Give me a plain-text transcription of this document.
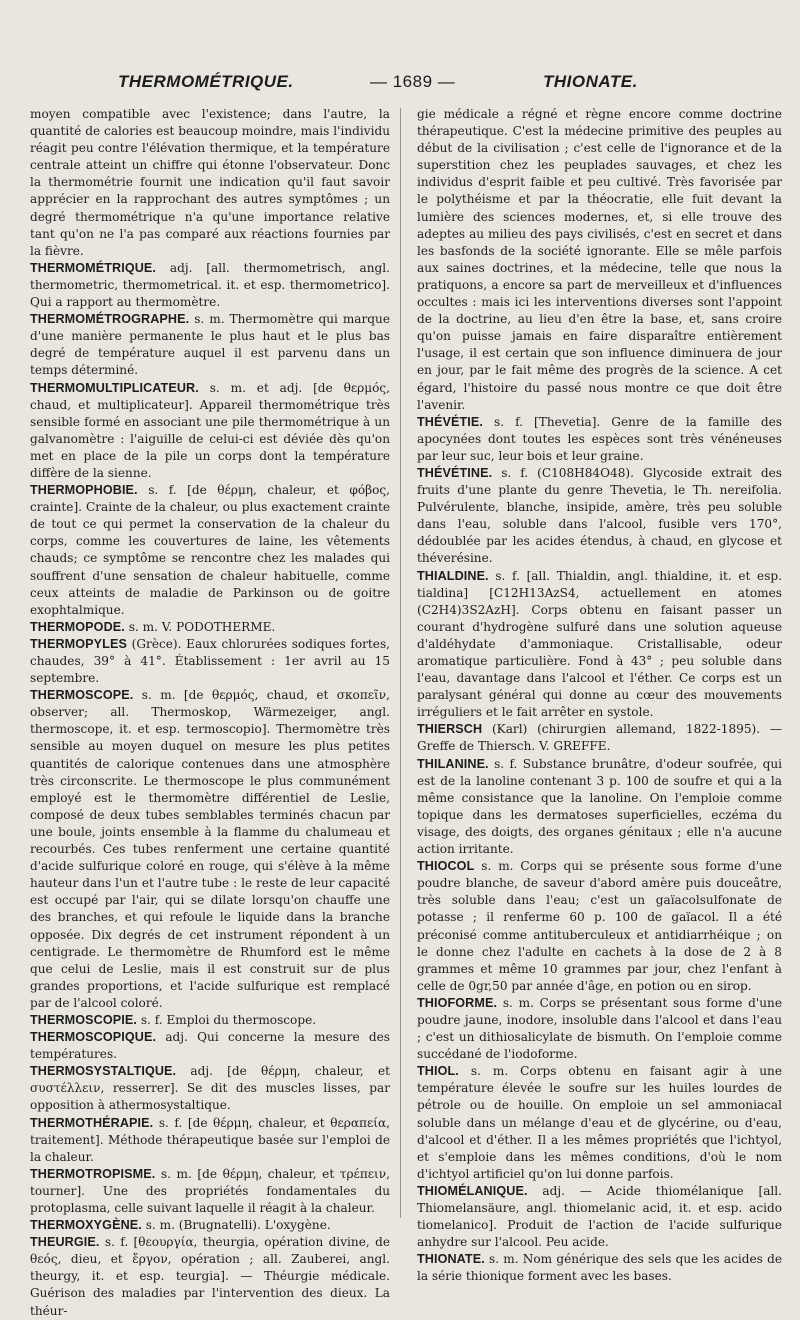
THERMOMÉTRIQUE.	— 1689 —	THIONATE.

moyen compatible avec l'existence; dans l'autre, la quantité de calories est beaucoup moindre, mais l'individu réagit peu contre l'élévation thermique, et la température centrale atteint un chiffre qui étonne l'observateur. Donc la thermométrie fournit une indication qu'il faut savoir apprécier en la rapprochant des autres symptômes ; un degré thermométrique n'a qu'une importance relative tant qu'on ne l'a pas comparé aux réactions fournies par la fièvre.

THERMOMÉTRIQUE. adj. [all. thermometrisch, angl. thermometric, thermometrical. it. et esp. thermometrico]. Qui a rapport au thermomètre.

THERMOMÉTROGRAPHE. s. m. Thermomètre qui marque d'une manière permanente le plus haut et le plus bas degré de température auquel il est parvenu dans un temps déterminé.

THERMOMULTIPLICATEUR. s. m. et adj. [de θερμός, chaud, et multiplicateur]. Appareil thermométrique très sensible formé en associant une pile thermométrique à un galvanomètre : l'aiguille de celui-ci est déviée dès qu'on met en place de la pile un corps dont la température diffère de la sienne.

THERMOPHOBIE. s. f. [de θέρμη, chaleur, et φόβος, crainte]. Crainte de la chaleur, ou plus exactement crainte de tout ce qui permet la conservation de la chaleur du corps, comme les couvertures de laine, les vêtements chauds; ce symptôme se rencontre chez les malades qui souffrent d'une sensation de chaleur habituelle, comme ceux atteints de maladie de Parkinson ou de goitre exophtalmique.

THERMOPODE. s. m. V. PODOTHERME.

THERMOPYLES (Grèce). Eaux chlorurées sodiques fortes, chaudes, 39° à 41°. Établissement : 1er avril au 15 septembre.

THERMOSCOPE. s. m. [de θερμός, chaud, et σκοπεῖν, observer; all. Thermoskop, Wärmezeiger, angl. thermoscope, it. et esp. termoscopio]. Thermomètre très sensible au moyen duquel on mesure les plus petites quantités de calorique contenues dans une atmosphère très circonscrite. Le thermoscope le plus communément employé est le thermomètre différentiel de Leslie, composé de deux tubes semblables terminés chacun par une boule, joints ensemble à la flamme du chalumeau et recourbés. Ces tubes renferment une certaine quantité d'acide sulfurique coloré en rouge, qui s'élève à la même hauteur dans l'un et l'autre tube : le reste de leur capacité est occupé par l'air, qui se dilate lorsqu'on chauffe une des branches, et qui refoule le liquide dans la branche opposée. Dix degrés de cet instrument répondent à un centigrade. Le thermomètre de Rhumford est le même que celui de Leslie, mais il est construit sur de plus grandes proportions, et l'acide sulfurique est remplacé par de l'alcool coloré.

THERMOSCOPIE. s. f. Emploi du thermoscope.

THERMOSCOPIQUE. adj. Qui concerne la mesure des températures.

THERMOSYSTALTIQUE. adj. [de θέρμη, chaleur, et συστέλλειν, resserrer]. Se dit des muscles lisses, par opposition à athermosystaltique.

THERMOTHÉRAPIE. s. f. [de θέρμη, chaleur, et θεραπεία, traitement]. Méthode thérapeutique basée sur l'emploi de la chaleur.

THERMOTROPISME. s. m. [de θέρμη, chaleur, et τρέπειν, tourner]. Une des propriétés fondamentales du protoplasma, celle suivant laquelle il réagit à la chaleur.

THERMOXYGÈNE. s. m. (Brugnatelli). L'oxygène.

THEURGIE. s. f. [θεουργία, theurgia, opération divine, de θεός, dieu, et ἔργον, opération ; all. Zauberei, angl. theurgy, it. et esp. teurgia]. — Théurgie médicale. Guérison des maladies par l'intervention des dieux. La théur-

gie médicale a régné et règne encore comme doctrine thérapeutique. C'est la médecine primitive des peuples au début de la civilisation ; c'est celle de l'ignorance et de la superstition chez les peuplades sauvages, et chez les individus d'esprit faible et peu cultivé. Très favorisée par le polythéisme et par la théocratie, elle fuit devant la lumière des sciences modernes, et, si elle trouve des adeptes au milieu des pays civilisés, c'est en secret et dans les basfonds de la société ignorante. Elle se mêle parfois aux saines doctrines, et la médecine, telle que nous la pratiquons, a encore sa part de merveilleux et d'influences occultes : mais ici les interventions diverses sont l'appoint de la doctrine, au lieu d'en être la base, et, sans croire qu'on puisse jamais en faire disparaître entièrement l'usage, il est certain que son influence diminuera de jour en jour, par le fait même des progrès de la science. A cet égard, l'histoire du passé nous montre ce que doit être l'avenir.

THÉVÉTIE. s. f. [Thevetia]. Genre de la famille des apocynées dont toutes les espèces sont très vénéneuses par leur suc, leur bois et leur graine.

THÉVÉTINE. s. f. (C108H84O48). Glycoside extrait des fruits d'une plante du genre Thevetia, le Th. nereifolia. Pulvérulente, blanche, insipide, amère, très peu soluble dans l'eau, soluble dans l'alcool, fusible vers 170°, dédoublée par les acides étendus, à chaud, en glycose et théverésine.

THIALDINE. s. f. [all. Thialdin, angl. thialdine, it. et esp. tialdina] [C12H13AzS4, actuellement en atomes (C2H4)3S2AzH]. Corps obtenu en faisant passer un courant d'hydrogène sulfuré dans une solution aqueuse d'aldéhydate d'ammoniaque. Cristallisable, odeur aromatique particulière. Fond à 43° ; peu soluble dans l'eau, davantage dans l'alcool et l'éther. Ce corps est un paralysant général qui donne au cœur des mouvements irréguliers et le fait arrêter en systole.

THIERSCH (Karl) (chirurgien allemand, 1822-1895). — Greffe de Thiersch. V. GREFFE.

THILANINE. s. f. Substance brunâtre, d'odeur soufrée, qui est de la lanoline contenant 3 p. 100 de soufre et qui a la même consistance que la lanoline. On l'emploie comme topique dans les dermatoses superficielles, eczéma du visage, des doigts, des organes génitaux ; elle n'a aucune action irritante.

THIOCOL s. m. Corps qui se présente sous forme d'une poudre blanche, de saveur d'abord amère puis douceâtre, très soluble dans l'eau; c'est un gaïacolsulfonate de potasse ; il renferme 60 p. 100 de gaïacol. Il a été préconisé comme antituberculeux et antidiarrhéique ; on le donne chez l'adulte en cachets à la dose de 2 à 8 grammes et même 10 grammes par jour, chez l'enfant à celle de 0gr,50 par année d'âge, en potion ou en sirop.

THIOFORME. s. m. Corps se présentant sous forme d'une poudre jaune, inodore, insoluble dans l'alcool et dans l'eau ; c'est un dithiosalicylate de bismuth. On l'emploie comme succédané de l'iodoforme.

THIOL. s. m. Corps obtenu en faisant agir à une température élevée le soufre sur les huiles lourdes de pétrole ou de houille. On emploie un sel ammoniacal soluble dans un mélange d'eau et de glycérine, ou d'eau, d'alcool et d'éther. Il a les mêmes propriétés que l'ichtyol, et s'emploie dans les mêmes conditions, d'où le nom d'ichtyol artificiel qu'on lui donne parfois.

THIOMÉLANIQUE. adj. — Acide thiomélanique [all. Thiomelansäure, angl. thiomelanic acid, it. et esp. acido tiomelanico]. Produit de l'action de l'acide sulfurique anhydre sur l'alcool. Peu acide.

THIONATE. s. m. Nom générique des sels que les acides de la série thionique forment avec les bases.
